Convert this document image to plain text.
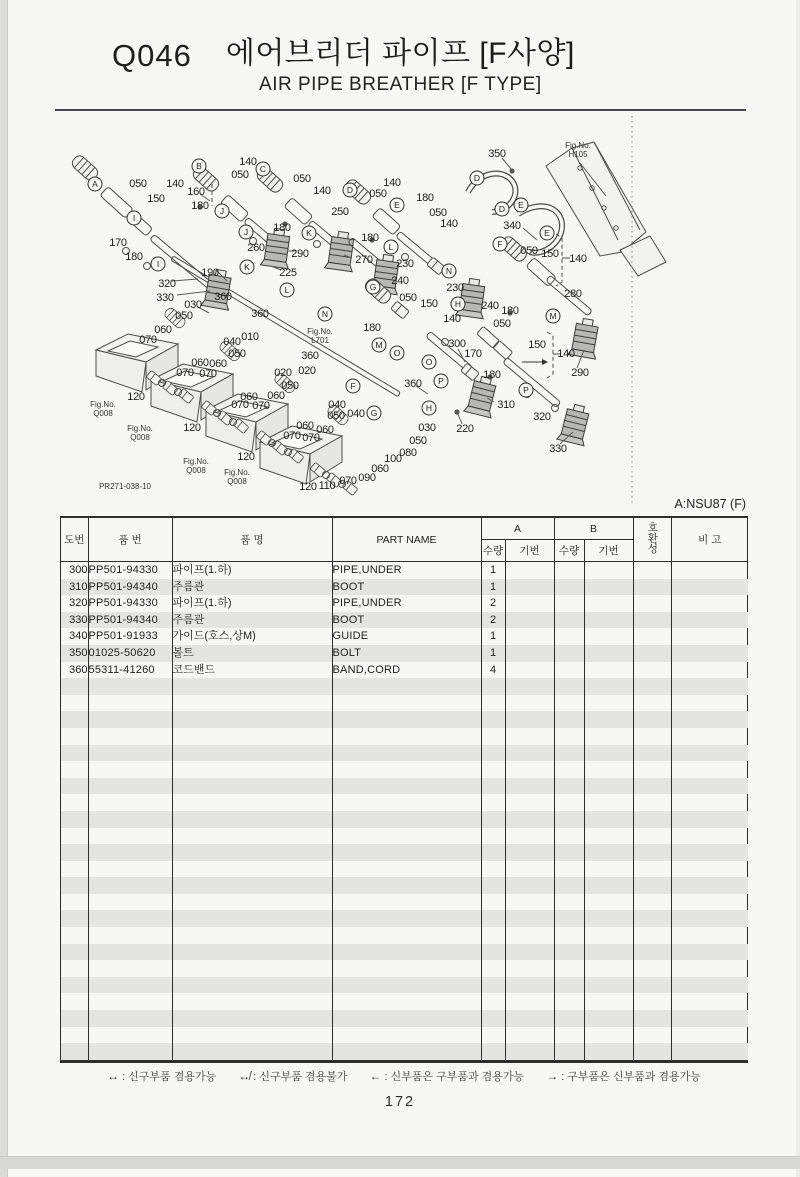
Q046 에어브리더 파이프 [F사양]
AIR PIPE BREATHER [F TYPE]
A
B	C
D
D
D
E	E
E
F
F
G
G
H
H
I
I
J
J	K
K
L
L
M
M
N
N
O
O
P
P
050 140
150
160
180
170
180
320
330
190	225
050
140
250
260 290	270
050
140
180
140
050	180
050
140
180
230
240
230
240
350
340
050 150 140
280
180
290
050 150
140
300
050
170
150
140
180
180
310
320
330
220
030
360
360
360
360
010
020 020
030
040
040
040
050
050
050
050
050
060
060 060
060 060
060 060
060
070
070 070
070 070
070 070
070
080
090
100
110
120
120
120
120
Fig.No.
H105
Fig.No.
L701
Fig.No.
Q008
Fig.No.
Q008
Fig.No.
Q008 Fig.No.
Q008
PR271-038-10
A:NSU87 (F)
도번	품 번	품 명	PART NAME	A		B		호환성	비 고
				수량	기번	수량	기번		
300	PP501-94330	파이프(1.하)	PIPE,UNDER	1					
310	PP501-94340	주름관	BOOT	1					
320	PP501-94330	파이프(1.하)	PIPE,UNDER	2					
330	PP501-94340	주름관	BOOT	2					
340	PP501-91933	가이드(호스,상M)	GUIDE	1					
350	01025-50620	볼트	BOLT	1					
360	55311-41260	코드밴드	BAND,CORD	4					

↔ : 신구부품 겸용가능 ↮ : 신구부품 겸용불가 ← : 신부품은 구부품과 겸용가능 → : 구부품은 신부품과 겸용가능
172
